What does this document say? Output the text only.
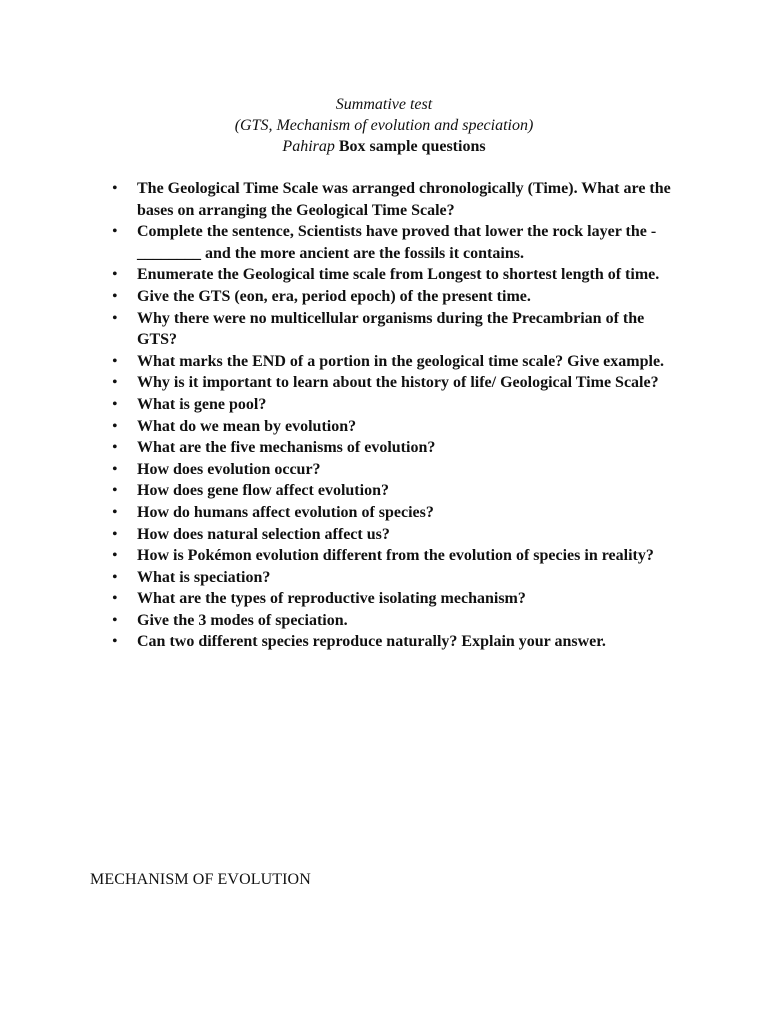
Summative test
(GTS, Mechanism of evolution and speciation)
Pahirap Box sample questions
• The Geological Time Scale was arranged chronologically (Time). What are the bases on arranging the Geological Time Scale?
• Complete the sentence, Scientists have proved that lower the rock layer the - ________ and the more ancient are the fossils it contains.
• Enumerate the Geological time scale from Longest to shortest length of time.
• Give the GTS (eon, era, period epoch) of the present time.
• Why there were no multicellular organisms during the Precambrian of the GTS?
• What marks the END of a portion in the geological time scale? Give example.
• Why is it important to learn about the history of life/ Geological Time Scale?
• What is gene pool?
• What do we mean by evolution?
• What are the five mechanisms of evolution?
• How does evolution occur?
• How does gene flow affect evolution?
• How do humans affect evolution of species?
• How does natural selection affect us?
• How is Pokémon evolution different from the evolution of species in reality?
• What is speciation?
• What are the types of reproductive isolating mechanism?
• Give the 3 modes of speciation.
• Can two different species reproduce naturally? Explain your answer.
MECHANISM OF EVOLUTION
